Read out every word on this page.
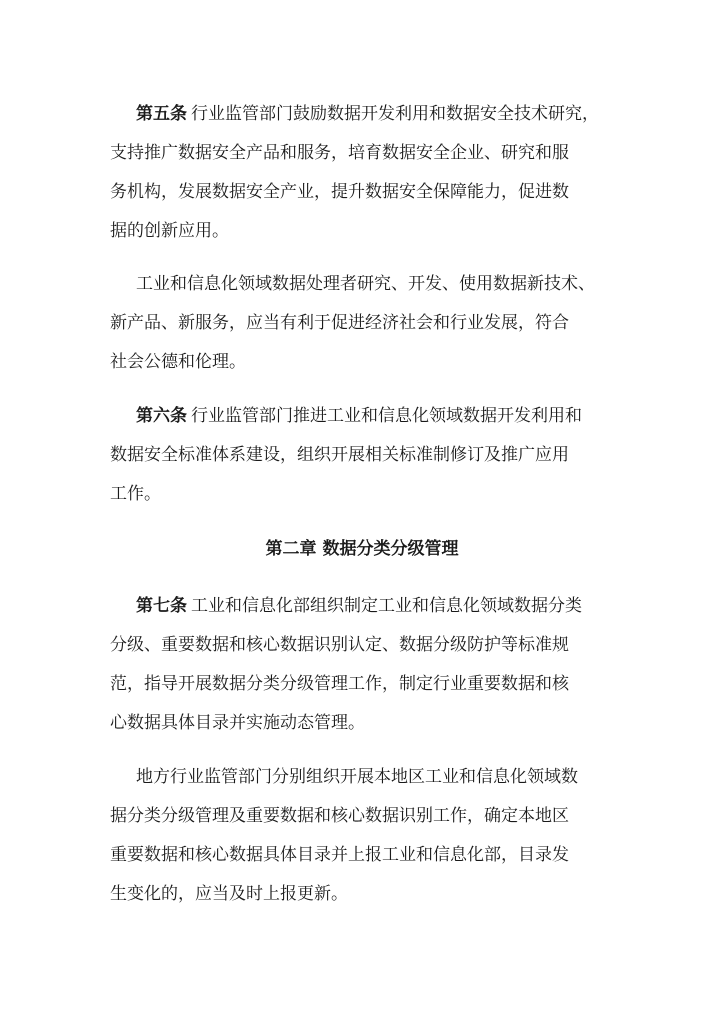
第五条 行业监管部门鼓励数据开发利用和数据安全技术研究，
支持推广数据安全产品和服务，培育数据安全企业、研究和服
务机构，发展数据安全产业，提升数据安全保障能力，促进数
据的创新应用。
工业和信息化领域数据处理者研究、开发、使用数据新技术、
新产品、新服务，应当有利于促进经济社会和行业发展，符合
社会公德和伦理。
第六条 行业监管部门推进工业和信息化领域数据开发利用和
数据安全标准体系建设，组织开展相关标准制修订及推广应用
工作。
第二章 数据分类分级管理
第七条 工业和信息化部组织制定工业和信息化领域数据分类
分级、重要数据和核心数据识别认定、数据分级防护等标准规
范，指导开展数据分类分级管理工作，制定行业重要数据和核
心数据具体目录并实施动态管理。
地方行业监管部门分别组织开展本地区工业和信息化领域数
据分类分级管理及重要数据和核心数据识别工作，确定本地区
重要数据和核心数据具体目录并上报工业和信息化部，目录发
生变化的，应当及时上报更新。
